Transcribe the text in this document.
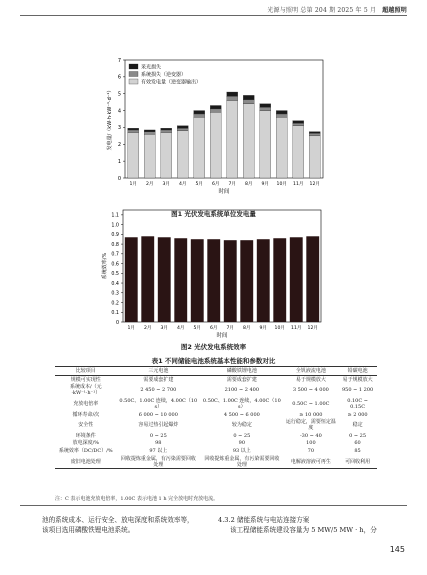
光源与照明 总第 204 期 2025 年 5 月 超越照明
0
1
2
3
4
5
6
7
1月 2月 3月 4月 5月 6月 7月 8月 9月 10月 11月 12月
时间
发电量/（kW·h·kW⁻¹·d⁻¹）
采光损失
系统损失（逆变器）
有效发电量（逆变器输出）
图1 光伏发电系统单位发电量
0
0.1
0.2
0.3
0.4
0.5
0.6
0.7
0.8
0.9
1.0
1.1
1月 2月 3月 4月 5月 6月 7月 8月 9月 10月 11月 12月
时间
系统效率/%
图2 光伏发电系统效率
表1 不同储能电池系统基本性能和参数对比
比较项目	三元电池	磷酸铁锂电池	全钒液流电池	铅碳电池
规模可实现性	需要成套扩建	需要成套扩建	易于规模放大	易于规模放大
系统成本/（元·kW⁻¹·h⁻¹）	2 450 ~ 2 700	2100 ~ 2 400	3 500 ~ 4 000	950 ~ 1 200
充放电倍率	0.50C、1.00C 连续，4.00C（10 s）	0.50C、1.00C 连续，4.00C（10 s）	0.50C ~ 1.00C	0.10C ~ 0.15C
循环寿命/次	6 000 ~ 10 000	4 500 ~ 6 000	≥ 10 000	≥ 2 000
安全性	容易过热引起爆炸	较为稳定	运行稳定，需要恒定温度	稳定
环境条件	0 ~ 25	0 ~ 25	-30 ~ 40	0 ~ 25
放电深度/%	98	90	100	60
系统效率（DC/DC）/%	97 以上	93 以上	70	85
废旧电池处理	回收提炼重金属，有污染需要回收处理	回收提炼重金属，有污染需要回收处理	电解液溶液可再生	可回收利用
注：C 表示电池充放电倍率，1.00C 表示电池 1 h 完全放电时充放电流。
池的系统成本、运行安全、放电深度和系统效率等，
该项目选用磷酸铁锂电池系统。
4.3.2 储能系统与电站连接方案
该工程储能系统建设容量为 5 MW/5 MW · h，分
145
